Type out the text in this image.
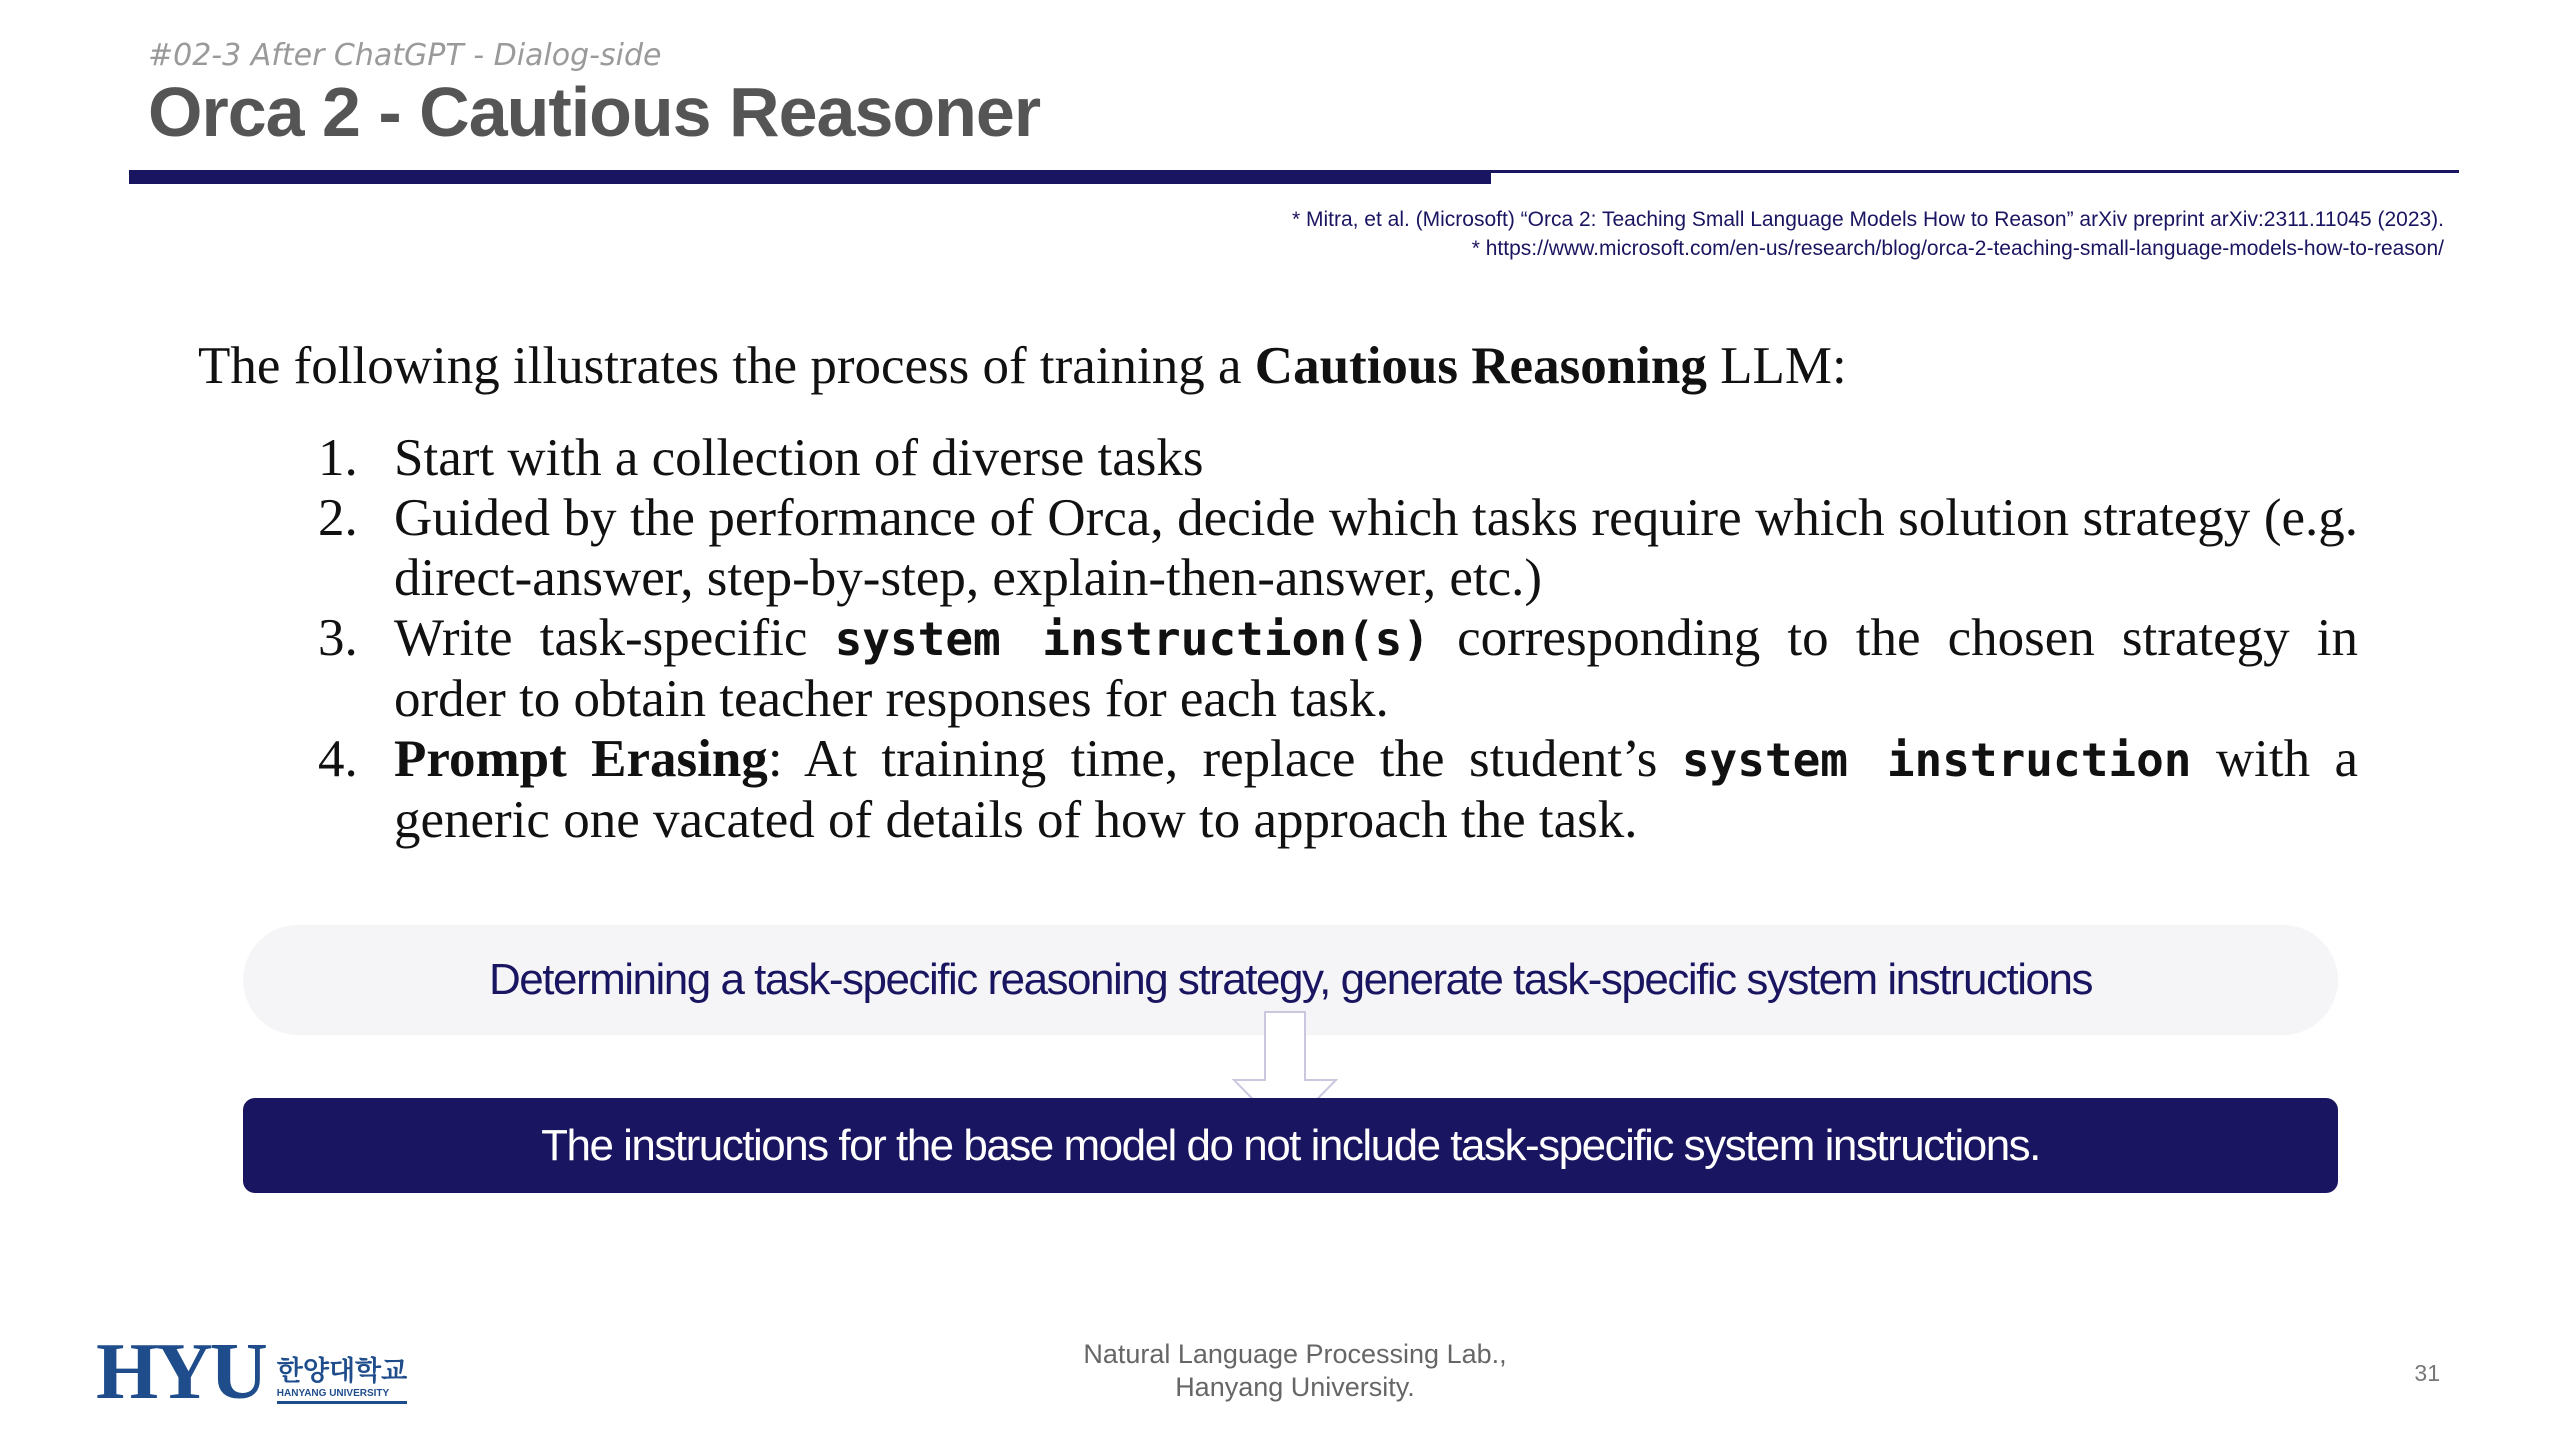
#02-3 After ChatGPT - Dialog-side
Orca 2 - Cautious Reasoner
* Mitra, et al. (Microsoft) “Orca 2: Teaching Small Language Models How to Reason” arXiv preprint arXiv:2311.11045 (2023).
* https://www.microsoft.com/en-us/research/blog/orca-2-teaching-small-language-models-how-to-reason/
The following illustrates the process of training a Cautious Reasoning LLM:
1. Start with a collection of diverse tasks
2. Guided by the performance of Orca, decide which tasks require which solution strategy (e.g. direct-answer, step-by-step, explain-then-answer, etc.)
3. Write task-specific system instruction(s) corresponding to the chosen strategy in order to obtain teacher responses for each task.
4. Prompt Erasing: At training time, replace the student’s system instruction with a generic one vacated of details of how to approach the task.
Determining a task-specific reasoning strategy, generate task-specific system instructions
The instructions for the base model do not include task-specific system instructions.
HYU 한양대학교
HANYANG UNIVERSITY
Natural Language Processing Lab.,
Hanyang University.	31
